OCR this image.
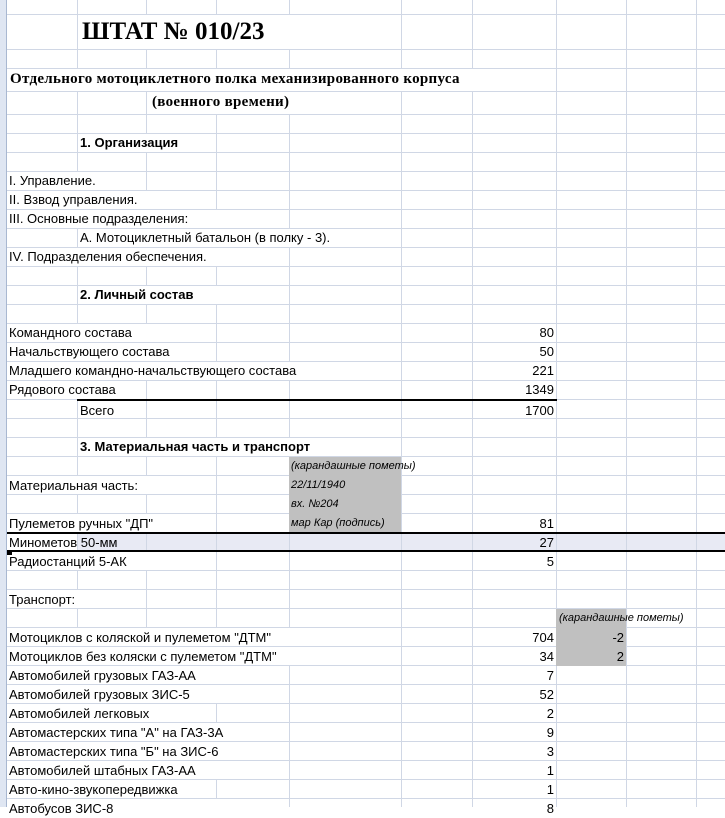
ШТАТ № 010/23
Отдельного мотоциклетного полка механизированного корпуса
(военного времени)
1. Организация
I. Управление.
II. Взвод управления.
III. Основные подразделения:
А. Мотоциклетный батальон (в полку - 3).
IV. Подразделения обеспечения.
2. Личный состав
Командного состава	80
Начальствующего состава	50
Младшего командно-начальствующего состава	221
Рядового состава	1349
Всего	1700
3. Материальная часть и транспорт
(карандашные пометы)
Материальная часть:	22/11/1940
вх. №204
Пулеметов ручных "ДП"	мар Кар (подпись)	81
Минометов 50-мм	27
Радиостанций 5-АК	5
Транспорт:
(карандашные пометы)
Мотоциклов с коляской и пулеметом "ДТМ"	704	-2
Мотоциклов без коляски с пулеметом "ДТМ"	34	2
Автомобилей грузовых ГАЗ-АА	7
Автомобилей грузовых ЗИС-5	52
Автомобилей легковых	2
Автомастерских типа "А" на ГАЗ-3А	9
Автомастерских типа "Б" на ЗИС-6	3
Автомобилей штабных ГАЗ-АА	1
Авто-кино-звукопередвижка	1
Автобусов ЗИС-8	8
